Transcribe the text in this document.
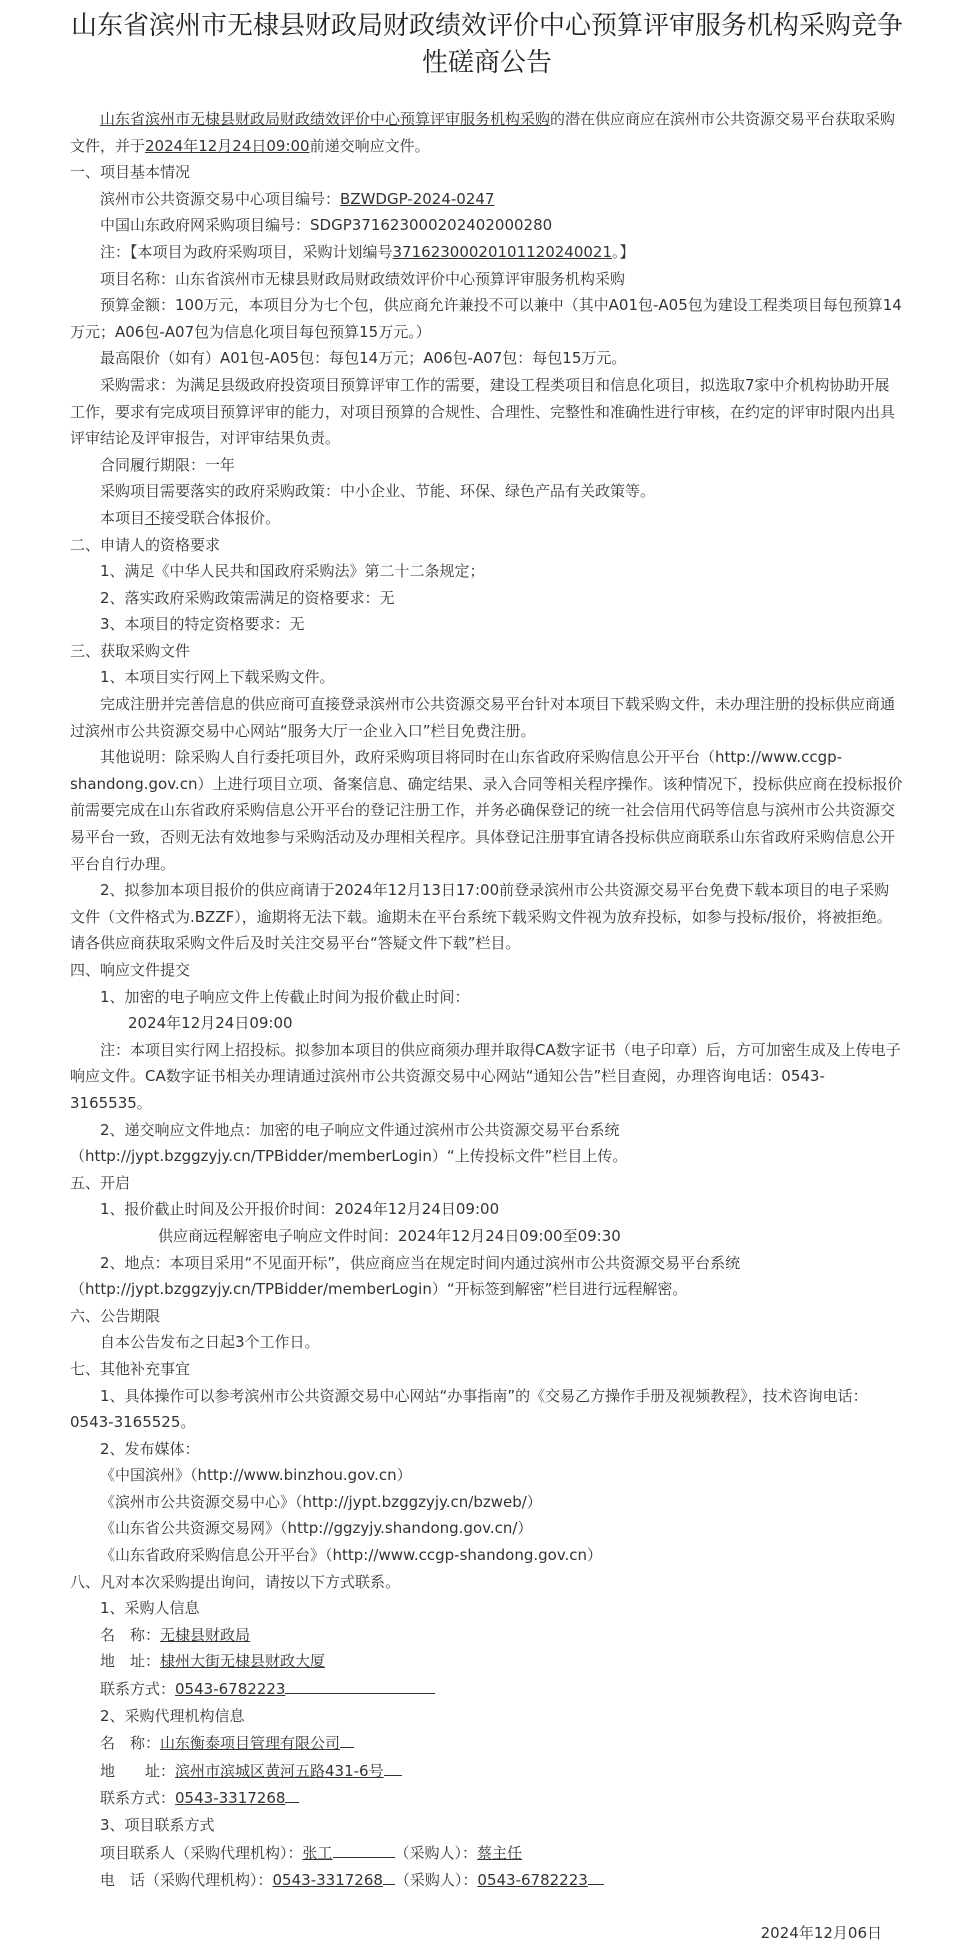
山东省滨州市无棣县财政局财政绩效评价中心预算评审服务机构采购竞争性磋商公告

山东省滨州市无棣县财政局财政绩效评价中心预算评审服务机构采购的潜在供应商应在滨州市公共资源交易平台获取采购文件，并于2024年12月24日09:00前递交响应文件。

一、项目基本情况

滨州市公共资源交易中心项目编号：BZWDGP-2024-0247

中国山东政府网采购项目编号：SDGP371623000202402000280

注：【本项目为政府采购项目，采购计划编号37162300020101120240021。】

项目名称：山东省滨州市无棣县财政局财政绩效评价中心预算评审服务机构采购

预算金额：100万元，本项目分为七个包，供应商允许兼投不可以兼中（其中A01包-A05包为建设工程类项目每包预算14万元；A06包-A07包为信息化项目每包预算15万元。）

最高限价（如有）A01包-A05包：每包14万元；A06包-A07包：每包15万元。

采购需求：为满足县级政府投资项目预算评审工作的需要，建设工程类项目和信息化项目，拟选取7家中介机构协助开展工作，要求有完成项目预算评审的能力，对项目预算的合规性、合理性、完整性和准确性进行审核，在约定的评审时限内出具评审结论及评审报告，对评审结果负责。

合同履行期限：一年

采购项目需要落实的政府采购政策：中小企业、节能、环保、绿色产品有关政策等。

本项目不接受联合体报价。

二、申请人的资格要求

1、满足《中华人民共和国政府采购法》第二十二条规定；

2、落实政府采购政策需满足的资格要求：无

3、本项目的特定资格要求：无

三、获取采购文件

1、本项目实行网上下载采购文件。

完成注册并完善信息的供应商可直接登录滨州市公共资源交易平台针对本项目下载采购文件，未办理注册的投标供应商通过滨州市公共资源交易中心网站“服务大厅一企业入口”栏目免费注册。

其他说明：除采购人自行委托项目外，政府采购项目将同时在山东省政府采购信息公开平台（http://www.ccgp-shandong.gov.cn）上进行项目立项、备案信息、确定结果、录入合同等相关程序操作。该种情况下，投标供应商在投标报价前需要完成在山东省政府采购信息公开平台的登记注册工作，并务必确保登记的统一社会信用代码等信息与滨州市公共资源交易平台一致，否则无法有效地参与采购活动及办理相关程序。具体登记注册事宜请各投标供应商联系山东省政府采购信息公开平台自行办理。

2、拟参加本项目报价的供应商请于2024年12月13日17:00前登录滨州市公共资源交易平台免费下载本项目的电子采购文件（文件格式为.BZZF），逾期将无法下载。逾期未在平台系统下载采购文件视为放弃投标，如参与投标/报价，将被拒绝。请各供应商获取采购文件后及时关注交易平台“答疑文件下载”栏目。

四、响应文件提交

1、加密的电子响应文件上传截止时间为报价截止时间：

2024年12月24日09:00

注：本项目实行网上招投标。拟参加本项目的供应商须办理并取得CA数字证书（电子印章）后，方可加密生成及上传电子响应文件。CA数字证书相关办理请通过滨州市公共资源交易中心网站“通知公告”栏目查阅，办理咨询电话：0543-3165535。

2、递交响应文件地点：加密的电子响应文件通过滨州市公共资源交易平台系统（http://jypt.bzggzyjy.cn/TPBidder/memberLogin）“上传投标文件”栏目上传。

五、开启

1、报价截止时间及公开报价时间：2024年12月24日09:00

供应商远程解密电子响应文件时间：2024年12月24日09:00至09:30

2、地点：本项目采用“不见面开标”，供应商应当在规定时间内通过滨州市公共资源交易平台系统（http://jypt.bzggzyjy.cn/TPBidder/memberLogin）“开标签到解密”栏目进行远程解密。

六、公告期限

自本公告发布之日起3个工作日。

七、其他补充事宜

1、具体操作可以参考滨州市公共资源交易中心网站“办事指南”的《交易乙方操作手册及视频教程》，技术咨询电话：0543-3165525。

2、发布媒体：

《中国滨州》（http://www.binzhou.gov.cn）

《滨州市公共资源交易中心》（http://jypt.bzggzyjy.cn/bzweb/）

《山东省公共资源交易网》（http://ggzyjy.shandong.gov.cn/）

《山东省政府采购信息公开平台》（http://www.ccgp-shandong.gov.cn）

八、凡对本次采购提出询问，请按以下方式联系。

1、采购人信息

名　称：无棣县财政局

地　址：棣州大街无棣县财政大厦

联系方式：0543-6782223

2、采购代理机构信息

名　称：山东衡泰项目管理有限公司

地　　址：滨州市滨城区黄河五路431-6号

联系方式：0543-3317268

3、项目联系方式

项目联系人（采购代理机构）：张工	（采购人）：蔡主任

电　话（采购代理机构）：0543-3317268 （采购人）：0543-6782223

2024年12月06日
